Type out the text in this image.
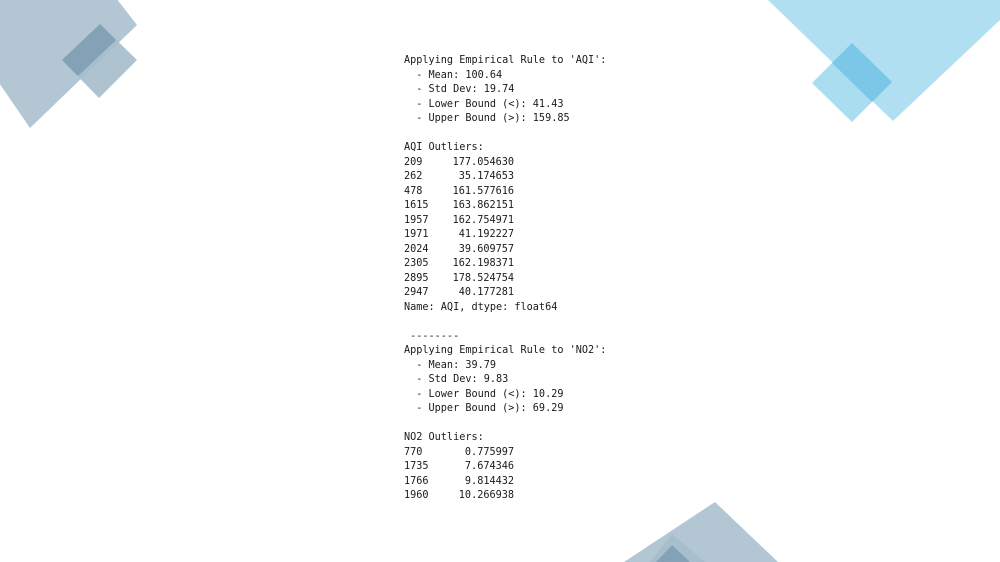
Applying Empirical Rule to 'AQI':
- Mean: 100.64
- Std Dev: 19.74
- Lower Bound (<): 41.43
- Upper Bound (>): 159.85
AQI Outliers:
209	177.054630
262	35.174653
478	161.577616
1615	163.862151
1957	162.754971
1971	41.192227
2024	39.609757
2305	162.198371
2895	178.524754
2947	40.177281
Name: AQI, dtype: float64
--------
Applying Empirical Rule to 'NO2':
- Mean: 39.79
- Std Dev: 9.83
- Lower Bound (<): 10.29
- Upper Bound (>): 69.29
NO2 Outliers:
770	0.775997
1735	7.674346
1766	9.814432
1960	10.266938
